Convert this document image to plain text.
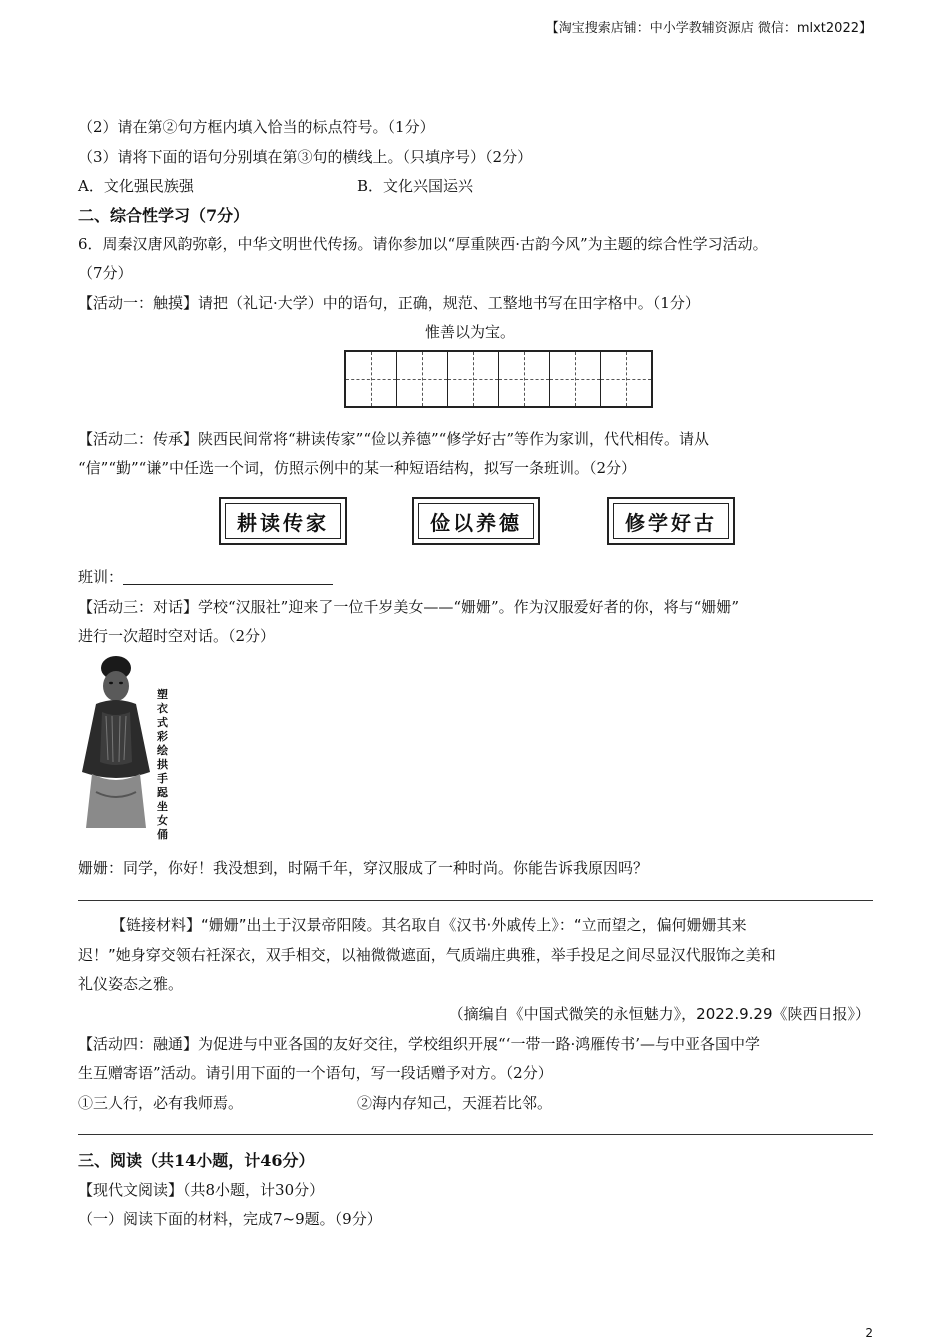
【淘宝搜索店铺：中小学教辅资源店 微信：mlxt2022】
（2）请在第②句方框内填入恰当的标点符号。（1分）
（3）请将下面的语句分别填在第③句的横线上。（只填序号）（2分）
A．文化强民族强	B．文化兴国运兴
二、综合性学习（7分）
6．周秦汉唐风韵弥彰，中华文明世代传扬。请你参加以“厚重陕西·古韵今风”为主题的综合性学习活动。
（7分）
【活动一：触摸】请把（礼记·大学）中的语句，正确，规范、工整地书写在田字格中。（1分）
惟善以为宝。
【活动二：传承】陕西民间常将“耕读传家”“俭以养德”“修学好古”等作为家训，代代相传。请从
“信”“勤”“谦”中任选一个词，仿照示例中的某一种短语结构，拟写一条班训。（2分）
耕读传家	俭以养德	修学好古
班训：
【活动三：对话】学校“汉服社”迎来了一位千岁美女——“姗姗”。作为汉服爱好者的你，将与“姗姗”
进行一次超时空对话。（2分）
塑衣式彩绘拱手跽坐女俑
姗姗：同学，你好！我没想到，时隔千年，穿汉服成了一种时尚。你能告诉我原因吗？
【链接材料】“姗姗”出土于汉景帝阳陵。其名取自《汉书·外戚传上》：“立而望之，偏何姗姗其来
迟！”她身穿交领右衽深衣，双手相交，以袖微微遮面，气质端庄典雅，举手投足之间尽显汉代服饰之美和
礼仪姿态之雅。
（摘编自《中国式微笑的永恒魅力》，2022.9.29《陕西日报》）
【活动四：融通】为促进与中亚各国的友好交往，学校组织开展“‘一带一路·鸿雁传书’—与中亚各国中学
生互赠寄语”活动。请引用下面的一个语句，写一段话赠予对方。（2分）
①三人行，必有我师焉。	②海内存知己，天涯若比邻。
三、阅读（共14小题，计46分）
【现代文阅读】（共8小题，计30分）
（一）阅读下面的材料，完成7~9题。（9分）
2
